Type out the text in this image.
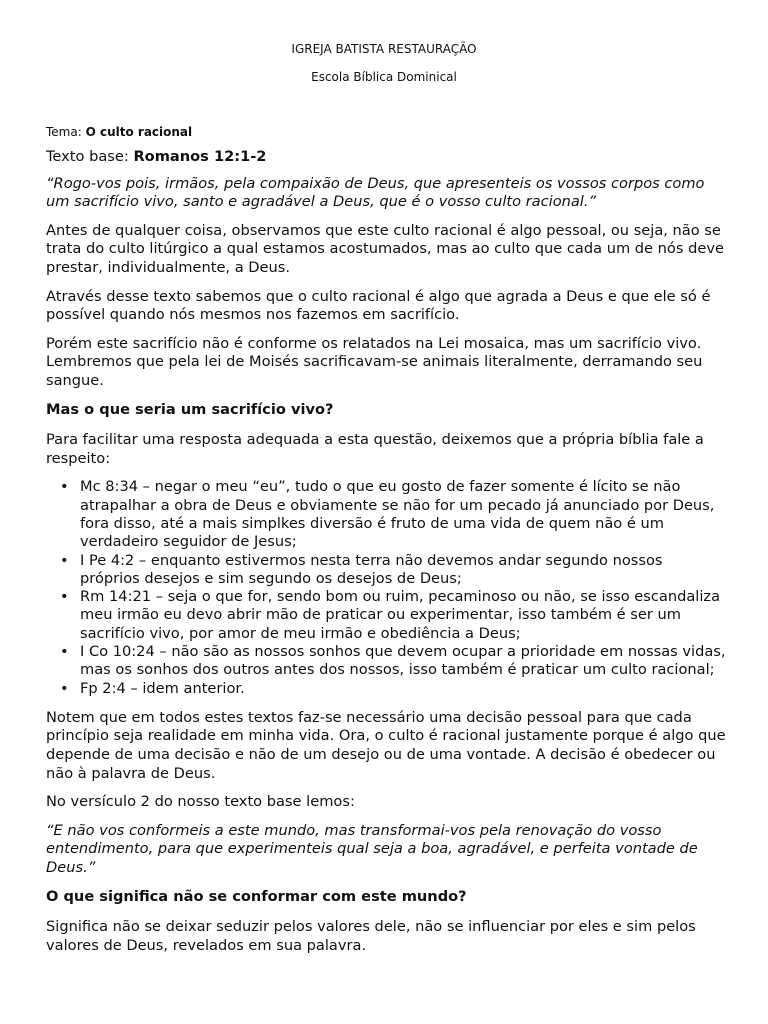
IGREJA BATISTA RESTAURAÇÃO
Escola Bíblica Dominical
Tema: O culto racional

Texto base: Romanos 12:1-2

“Rogo-vos pois, irmãos, pela compaixão de Deus, que apresenteis os vossos corpos como um sacrifício vivo, santo e agradável a Deus, que é o vosso culto racional.”

Antes de qualquer coisa, observamos que este culto racional é algo pessoal, ou seja, não se trata do culto litúrgico a qual estamos acostumados, mas ao culto que cada um de nós deve prestar, individualmente, a Deus.

Através desse texto sabemos que o culto racional é algo que agrada a Deus e que ele só é possível quando nós mesmos nos fazemos em sacrifício.

Porém este sacrifício não é conforme os relatados na Lei mosaica, mas um sacrifício vivo. Lembremos que pela lei de Moisés sacrificavam-se animais literalmente, derramando seu sangue.

Mas o que seria um sacrifício vivo?

Para facilitar uma resposta adequada a esta questão, deixemos que a própria bíblia fale a respeito:

• Mc 8:34 – negar o meu “eu”, tudo o que eu gosto de fazer somente é lícito se não atrapalhar a obra de Deus e obviamente se não for um pecado já anunciado por Deus, fora disso, até a mais simplkes diversão é fruto de uma vida de quem não é um verdadeiro seguidor de Jesus;
• I Pe 4:2 – enquanto estivermos nesta terra não devemos andar segundo nossos próprios desejos e sim segundo os desejos de Deus;
• Rm 14:21 – seja o que for, sendo bom ou ruim, pecaminoso ou não, se isso escandaliza meu irmão eu devo abrir mão de praticar ou experimentar, isso também é ser um sacrifício vivo, por amor de meu irmão e obediência a Deus;
• I Co 10:24 – não são as nossos sonhos que devem ocupar a prioridade em nossas vidas, mas os sonhos dos outros antes dos nossos, isso também é praticar um culto racional;
• Fp 2:4 – idem anterior.

Notem que em todos estes textos faz-se necessário uma decisão pessoal para que cada princípio seja realidade em minha vida. Ora, o culto é racional justamente porque é algo que depende de uma decisão e não de um desejo ou de uma vontade. A decisão é obedecer ou não à palavra de Deus.

No versículo 2 do nosso texto base lemos:

“E não vos conformeis a este mundo, mas transformai-vos pela renovação do vosso entendimento, para que experimenteis qual seja a boa, agradável, e perfeita vontade de Deus.”

O que significa não se conformar com este mundo?

Significa não se deixar seduzir pelos valores dele, não se influenciar por eles e sim pelos valores de Deus, revelados em sua palavra.
